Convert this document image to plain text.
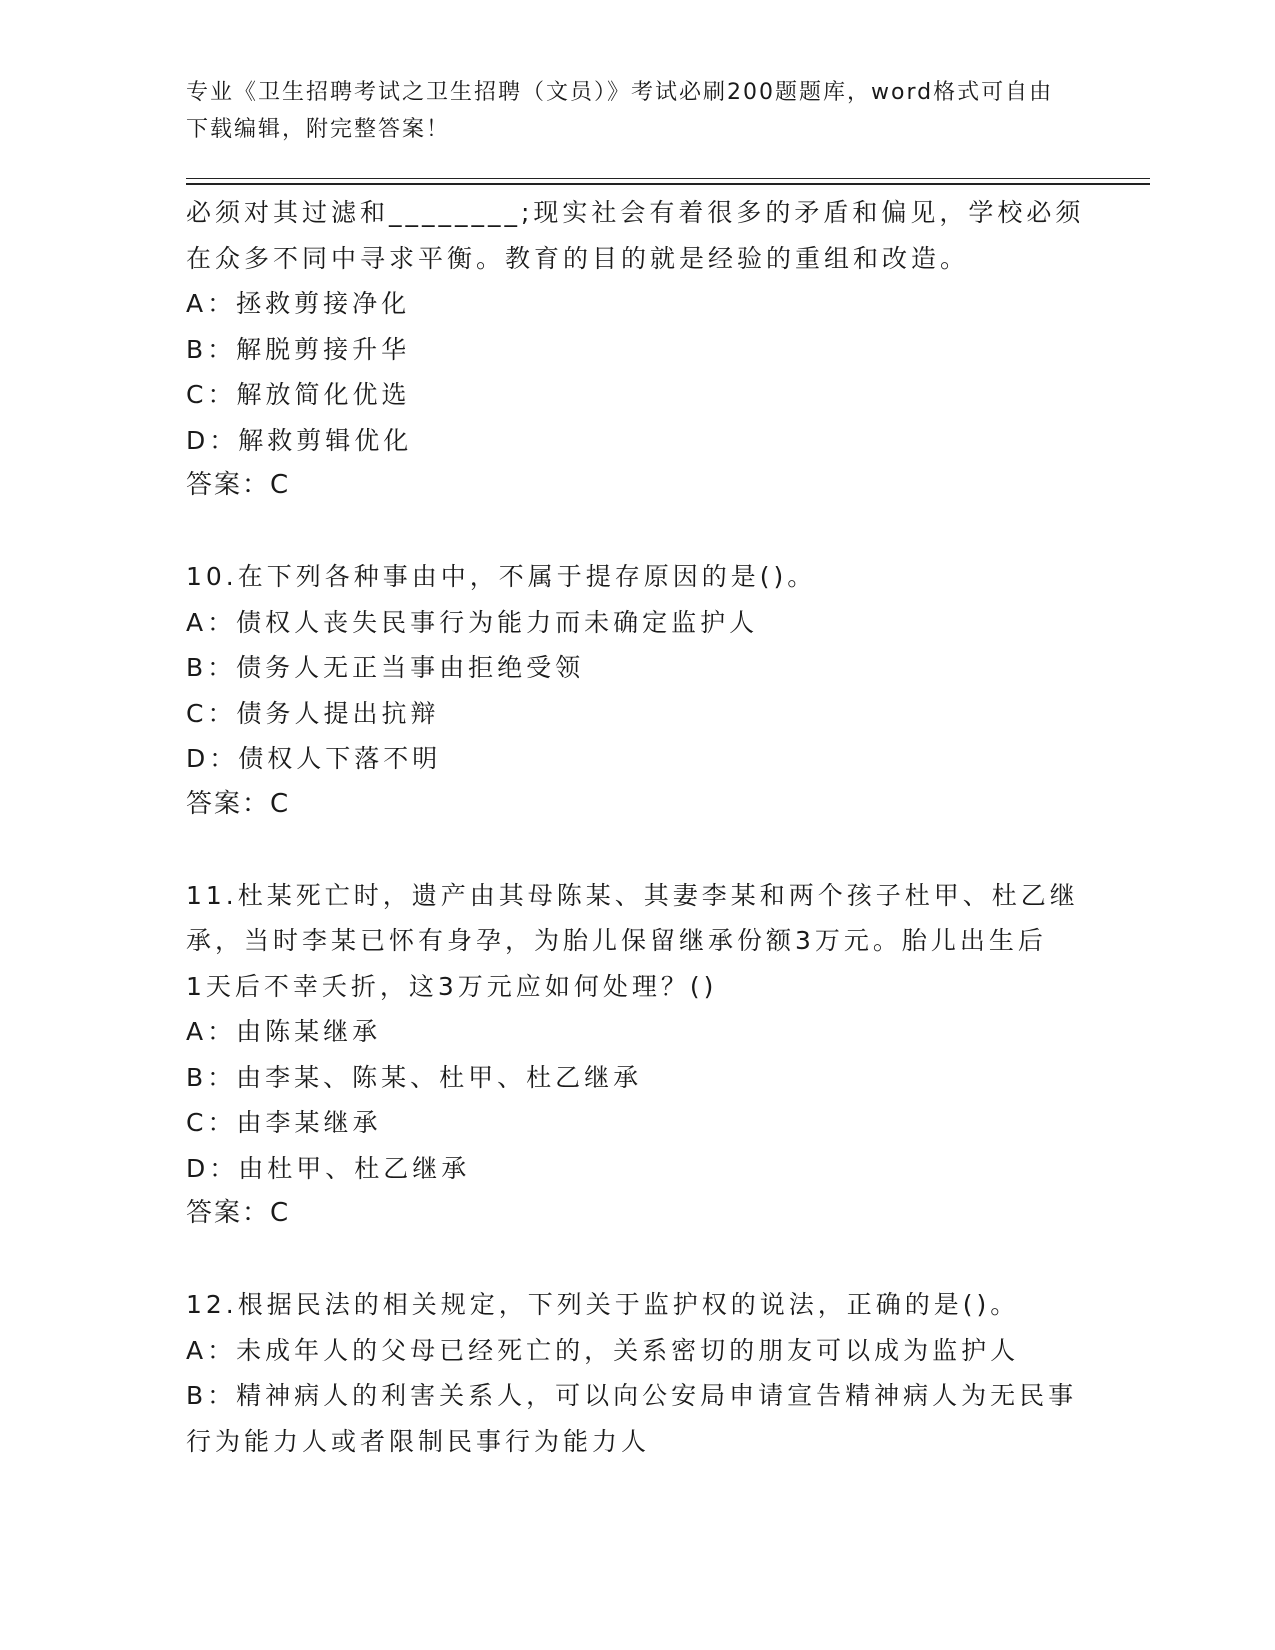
专业《卫生招聘考试之卫生招聘（文员）》考试必刷200题题库，word格式可自由下载编辑，附完整答案！
必须对其过滤和________;现实社会有着很多的矛盾和偏见，学校必须
在众多不同中寻求平衡。教育的目的就是经验的重组和改造。
A：拯救剪接净化
B：解脱剪接升华
C：解放简化优选
D：解救剪辑优化
答案：C
10.在下列各种事由中，不属于提存原因的是()。
A：债权人丧失民事行为能力而未确定监护人
B：债务人无正当事由拒绝受领
C：债务人提出抗辩
D：债权人下落不明
答案：C
11.杜某死亡时，遗产由其母陈某、其妻李某和两个孩子杜甲、杜乙继
承，当时李某已怀有身孕，为胎儿保留继承份额3万元。胎儿出生后
1天后不幸夭折，这3万元应如何处理？()
A：由陈某继承
B：由李某、陈某、杜甲、杜乙继承
C：由李某继承
D：由杜甲、杜乙继承
答案：C
12.根据民法的相关规定，下列关于监护权的说法，正确的是()。
A：未成年人的父母已经死亡的，关系密切的朋友可以成为监护人
B：精神病人的利害关系人，可以向公安局申请宣告精神病人为无民事
行为能力人或者限制民事行为能力人
